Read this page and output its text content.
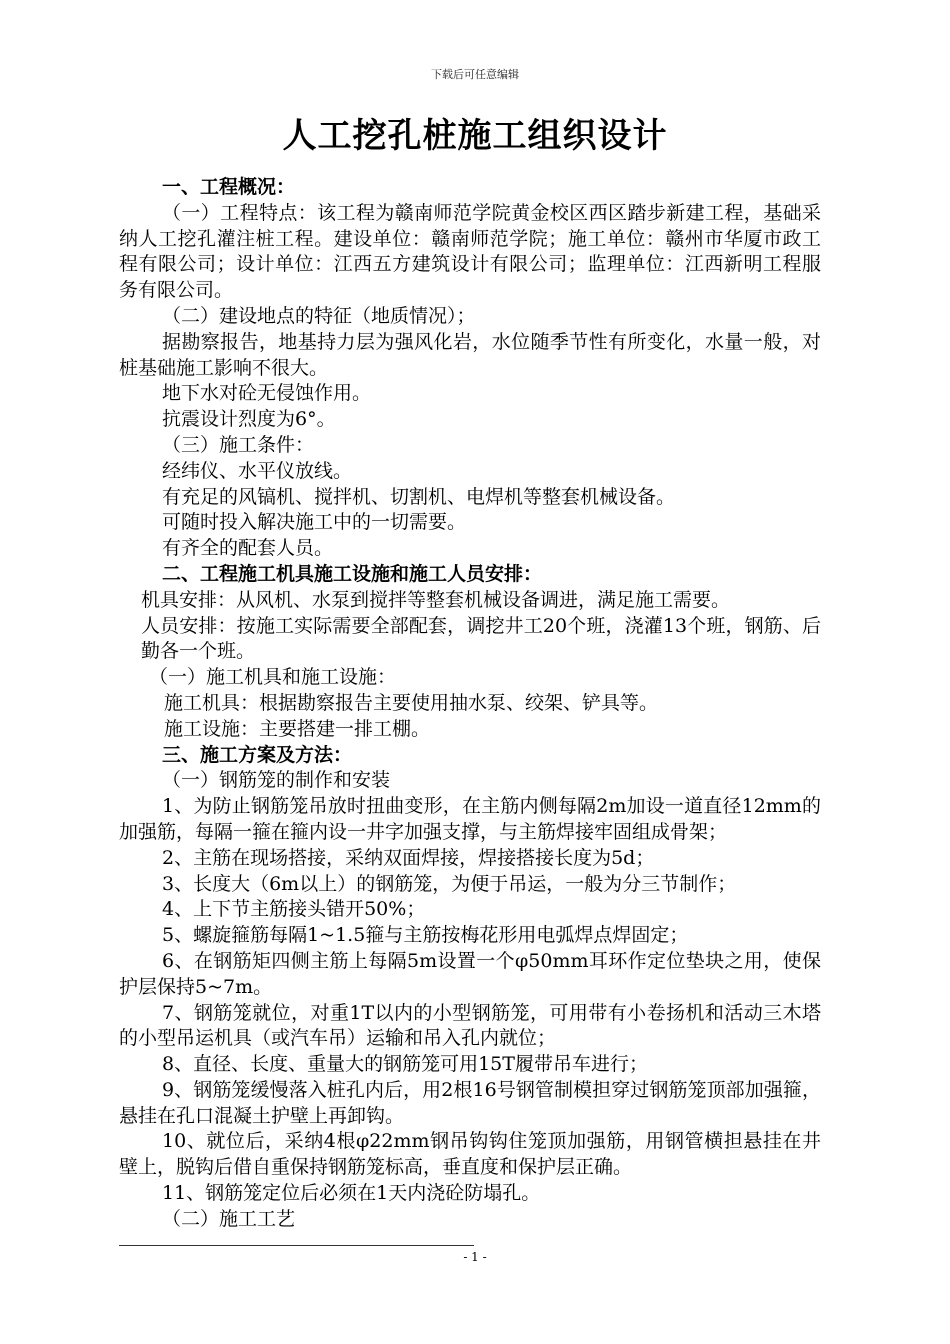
下载后可任意编辑
人工挖孔桩施工组织设计

一、工程概况：

（一）工程特点：该工程为赣南师范学院黄金校区西区踏步新建工程，基础采纳人工挖孔灌注桩工程。建设单位：赣南师范学院；施工单位：赣州市华厦市政工程有限公司；设计单位：江西五方建筑设计有限公司；监理单位：江西新明工程服务有限公司。

（二）建设地点的特征（地质情况）；

据勘察报告，地基持力层为强风化岩，水位随季节性有所变化，水量一般，对桩基础施工影响不很大。

地下水对砼无侵蚀作用。

抗震设计烈度为6°。

（三）施工条件：

经纬仪、水平仪放线。

有充足的风镐机、搅拌机、切割机、电焊机等整套机械设备。

可随时投入解决施工中的一切需要。

有齐全的配套人员。

二、工程施工机具施工设施和施工人员安排：

机具安排：从风机、水泵到搅拌等整套机械设备调进，满足施工需要。

人员安排：按施工实际需要全部配套，调挖井工20个班，浇灌13个班，钢筋、后勤各一个班。

（一）施工机具和施工设施：

施工机具：根据勘察报告主要使用抽水泵、绞架、铲具等。

施工设施：主要搭建一排工棚。

三、施工方案及方法：

（一）钢筋笼的制作和安装

1、为防止钢筋笼吊放时扭曲变形，在主筋内侧每隔2m加设一道直径12mm的加强筋，每隔一箍在箍内设一井字加强支撑，与主筋焊接牢固组成骨架；

2、主筋在现场搭接，采纳双面焊接，焊接搭接长度为5d；

3、长度大（6m以上）的钢筋笼，为便于吊运，一般为分三节制作；

4、上下节主筋接头错开50%；

5、螺旋箍筋每隔1~1.5箍与主筋按梅花形用电弧焊点焊固定；

6、在钢筋矩四侧主筋上每隔5m设置一个φ50mm耳环作定位垫块之用，使保护层保持5~7m。

7、钢筋笼就位，对重1T以内的小型钢筋笼，可用带有小卷扬机和活动三木塔的小型吊运机具（或汽车吊）运输和吊入孔内就位；

8、直径、长度、重量大的钢筋笼可用15T履带吊车进行；

9、钢筋笼缓慢落入桩孔内后，用2根16号钢管制模担穿过钢筋笼顶部加强箍，悬挂在孔口混凝土护壁上再卸钩。

10、就位后，采纳4根φ22mm钢吊钩钩住笼顶加强筋，用钢管横担悬挂在井壁上，脱钩后借自重保持钢筋笼标高，垂直度和保护层正确。

11、钢筋笼定位后必须在1天内浇砼防塌孔。

（二）施工工艺

- 1 -
